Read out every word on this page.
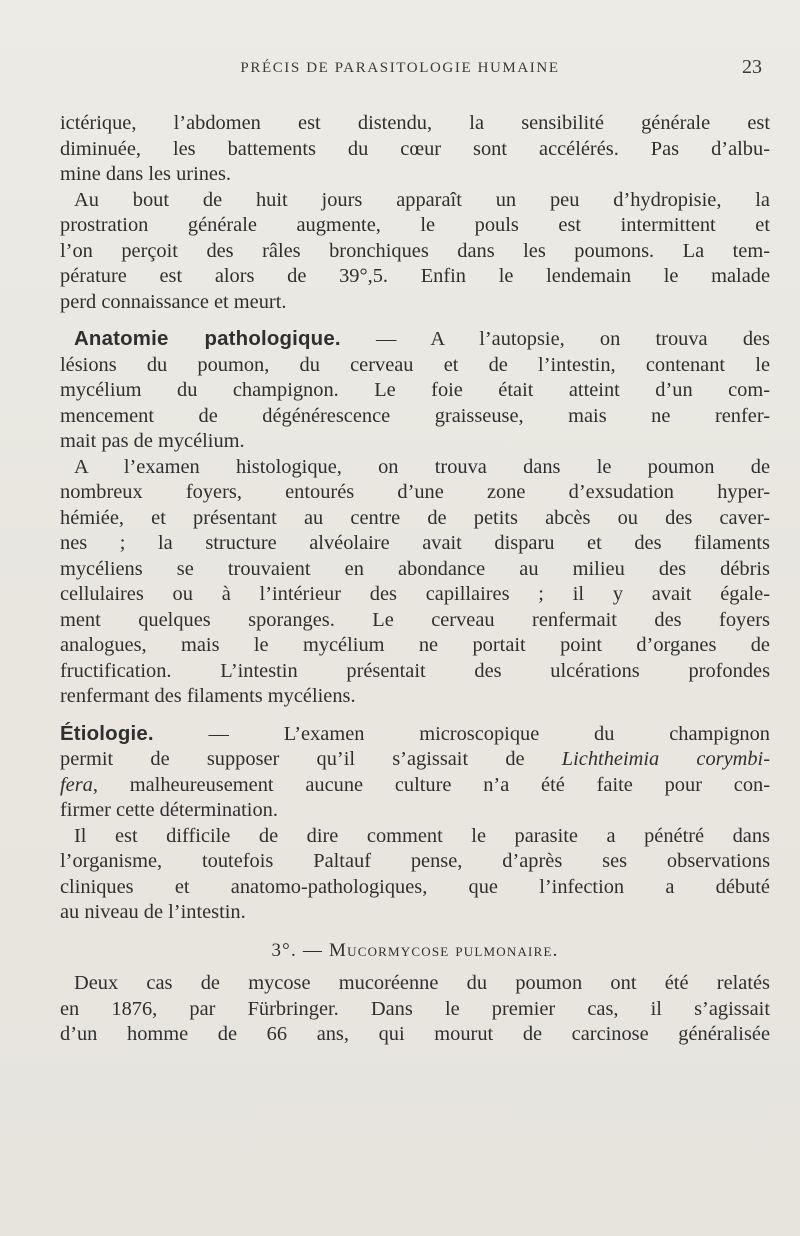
PRÉCIS DE PARASITOLOGIE HUMAINE	23
ictérique, l’abdomen est distendu, la sensibilité générale est
diminuée, les battements du cœur sont accélérés. Pas d’albu-
mine dans les urines.
Au bout de huit jours apparaît un peu d’hydropisie, la
prostration générale augmente, le pouls est intermittent et
l’on perçoit des râles bronchiques dans les poumons. La tem-
pérature est alors de 39°,5. Enfin le lendemain le malade
perd connaissance et meurt.
Anatomie pathologique. — A l’autopsie, on trouva des
lésions du poumon, du cerveau et de l’intestin, contenant le
mycélium du champignon. Le foie était atteint d’un com-
mencement de dégénérescence graisseuse, mais ne renfer-
mait pas de mycélium.
A l’examen histologique, on trouva dans le poumon de
nombreux foyers, entourés d’une zone d’exsudation hyper-
hémiée, et présentant au centre de petits abcès ou des caver-
nes ; la structure alvéolaire avait disparu et des filaments
mycéliens se trouvaient en abondance au milieu des débris
cellulaires ou à l’intérieur des capillaires ; il y avait égale-
ment quelques sporanges. Le cerveau renfermait des foyers
analogues, mais le mycélium ne portait point d’organes de
fructification. L’intestin présentait des ulcérations profondes
renfermant des filaments mycéliens.
Étiologie. — L’examen microscopique du champignon
permit de supposer qu’il s’agissait de Lichtheimia corymbi-
fera, malheureusement aucune culture n’a été faite pour con-
firmer cette détermination.
Il est difficile de dire comment le parasite a pénétré dans
l’organisme, toutefois Paltauf pense, d’après ses observations
cliniques et anatomo-pathologiques, que l’infection a débuté
au niveau de l’intestin.
3°. — Mucormycose pulmonaire.
Deux cas de mycose mucoréenne du poumon ont été relatés
en 1876, par Fürbringer. Dans le premier cas, il s’agissait
d’un homme de 66 ans, qui mourut de carcinose généralisée
